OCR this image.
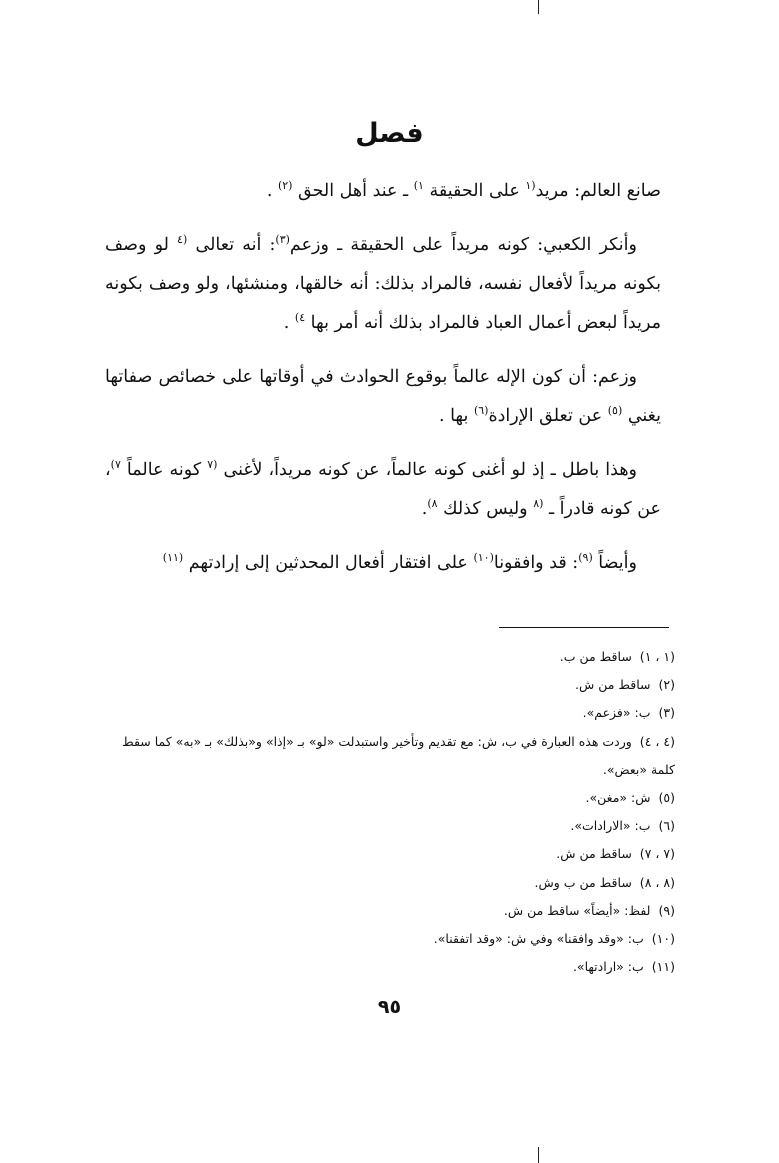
فصل

صانع العالم: مريد$^{(١}$ على الحقيقة $^{١)}$ ـ عند أهل الحق $^{(٢)}$ .

وأنكر الكعبي: كونه مريداً على الحقيقة ـ وزعم$^{(٣)}$: أنه تعالى $^{(٤}$ لو وصف بكونه مريداً لأفعال نفسه، فالمراد بذلك: أنه خالقها، ومنشئها، ولو وصف بكونه مريداً لبعض أعمال العباد فالمراد بذلك أنه أمر بها $^{٤)}$ .

وزعم: أن كون الإله عالماً بوقوع الحوادث في أوقاتها على خصائص صفاتها يغني $^{(٥)}$ عن تعلق الإرادة$^{(٦)}$ بها .

وهذا باطل ـ إذ لو أغنى كونه عالماً، عن كونه مريداً، لأغنى $^{(٧}$ كونه عالماً $^{٧)}$، عن كونه قادراً ـ $^{(٨}$ وليس كذلك $^{٨)}$.

وأيضاً $^{(٩)}$: قد وافقونا$^{(١٠)}$ على افتقار أفعال المحدثين إلى إرادتهم $^{(١١)}$

(١ ، ١)ساقط من ب.
(٢)ساقط من ش.
(٣)ب: «فزعم».
(٤ ، ٤)وردت هذه العبارة في ب، ش: مع تقديم وتأخير واستبدلت «لو» بـ «إذا» و«بذلك» بـ «به» كما سقط كلمة «بعض».
(٥)ش: «مغن».
(٦)ب: «الارادات».
(٧ ، ٧)ساقط من ش.
(٨ ، ٨)ساقط من ب وش.
(٩)لفظ: «أيضاً» ساقط من ش.
(١٠)ب: «وقد وافقنا» وفي ش: «وقد اتفقنا».
(١١)ب: «ارادتها».
٩٥
